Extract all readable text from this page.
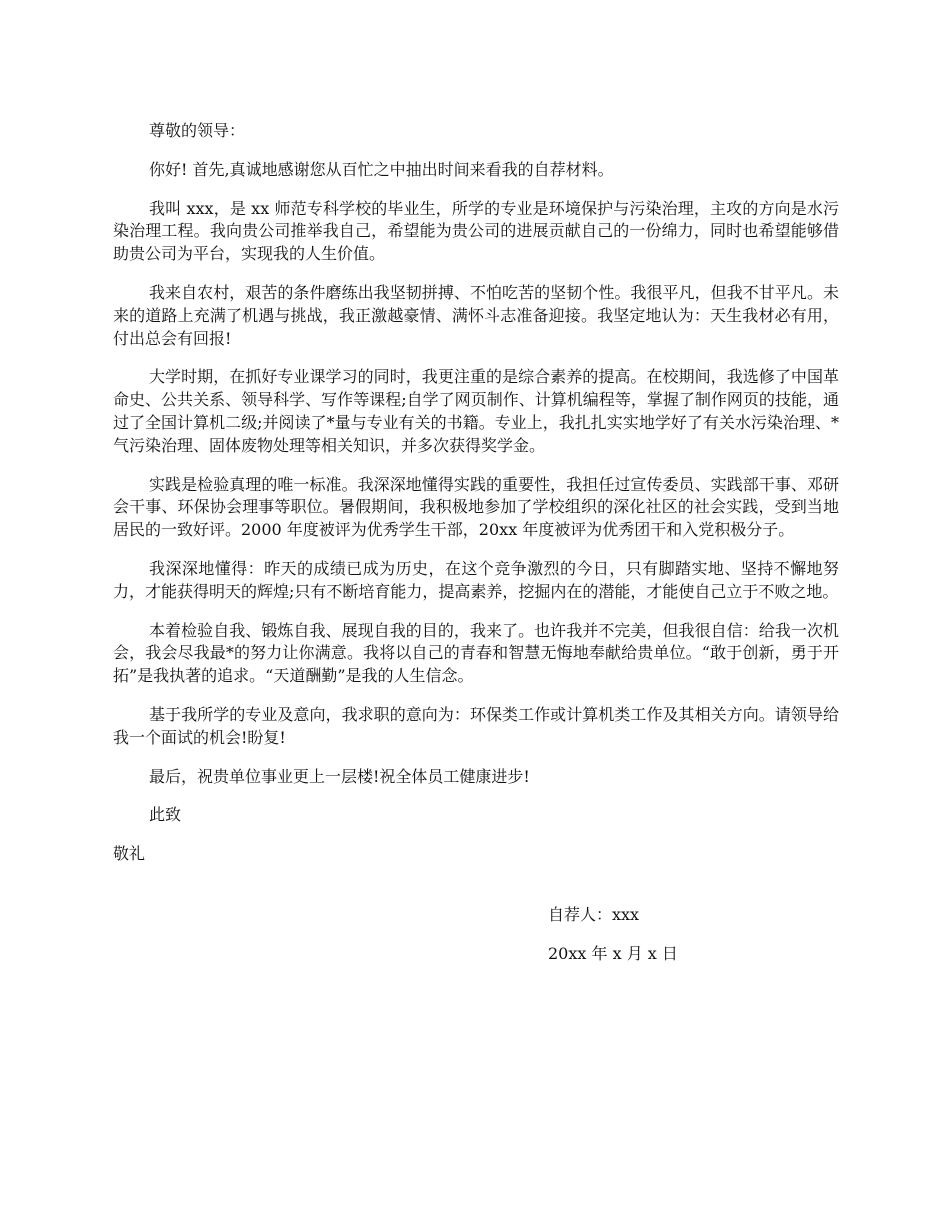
尊敬的领导：

你好! 首先,真诚地感谢您从百忙之中抽出时间来看我的自荐材料。

我叫 xxx，是 xx 师范专科学校的毕业生，所学的专业是环境保护与污染治理，主攻的方向是水污染治理工程。我向贵公司推举我自己，希望能为贵公司的进展贡献自己的一份绵力，同时也希望能够借助贵公司为平台，实现我的人生价值。

我来自农村，艰苦的条件磨练出我坚韧拼搏、不怕吃苦的坚韧个性。我很平凡，但我不甘平凡。未来的道路上充满了机遇与挑战，我正激越豪情、满怀斗志准备迎接。我坚定地认为：天生我材必有用，付出总会有回报!

大学时期，在抓好专业课学习的同时，我更注重的是综合素养的提高。在校期间，我选修了中国革命史、公共关系、领导科学、写作等课程;自学了网页制作、计算机编程等，掌握了制作网页的技能，通过了全国计算机二级;并阅读了*量与专业有关的书籍。专业上，我扎扎实实地学好了有关水污染治理、*气污染治理、固体废物处理等相关知识，并多次获得奖学金。

实践是检验真理的唯一标准。我深深地懂得实践的重要性，我担任过宣传委员、实践部干事、邓研会干事、环保协会理事等职位。暑假期间，我积极地参加了学校组织的深化社区的社会实践，受到当地居民的一致好评。2000 年度被评为优秀学生干部，20xx 年度被评为优秀团干和入党积极分子。

我深深地懂得：昨天的成绩已成为历史，在这个竞争激烈的今日，只有脚踏实地、坚持不懈地努力，才能获得明天的辉煌;只有不断培育能力，提高素养，挖掘内在的潜能，才能使自己立于不败之地。

本着检验自我、锻炼自我、展现自我的目的，我来了。也许我并不完美，但我很自信：给我一次机会，我会尽我最*的努力让你满意。我将以自己的青春和智慧无悔地奉献给贵单位。“敢于创新，勇于开拓”是我执著的追求。“天道酬勤”是我的人生信念。

基于我所学的专业及意向，我求职的意向为：环保类工作或计算机类工作及其相关方向。请领导给我一个面试的机会!盼复!

最后，祝贵单位事业更上一层楼!祝全体员工健康进步!

此致

敬礼

自荐人：xxx

20xx 年 x 月 x 日
